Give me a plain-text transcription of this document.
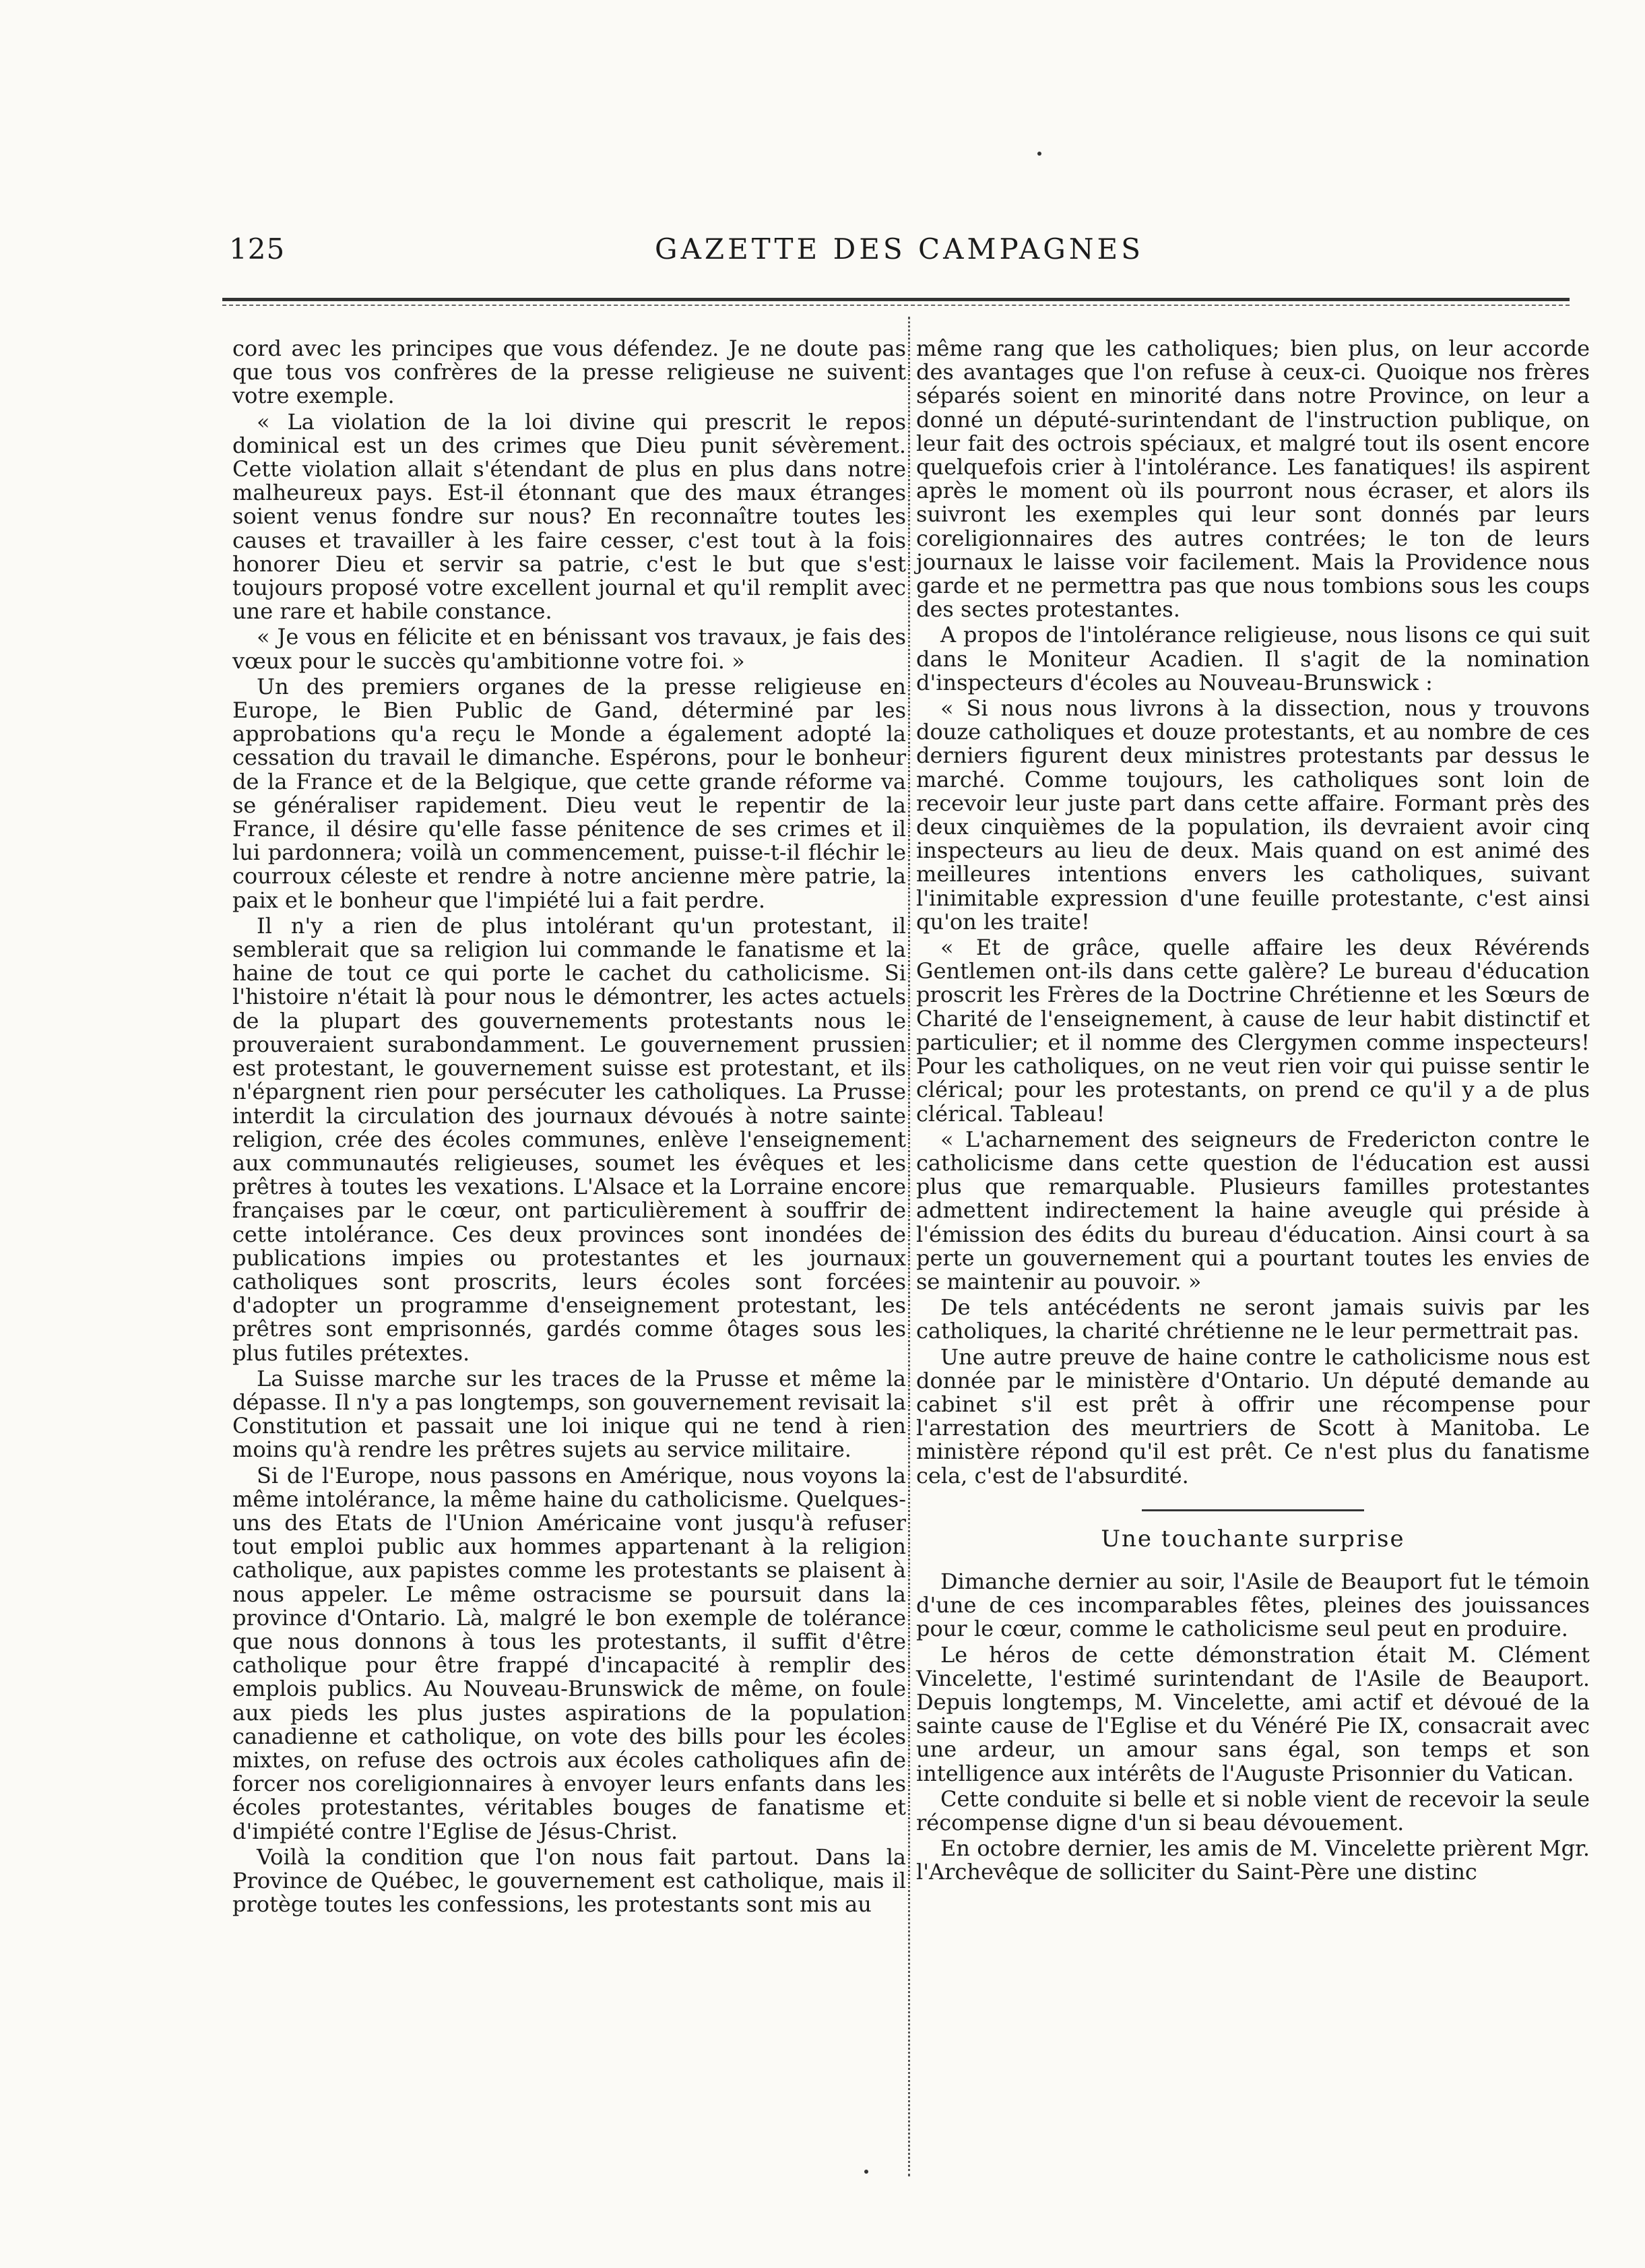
125	GAZETTE DES CAMPAGNES

cord avec les principes que vous défendez. Je ne doute pas que tous vos confrères de la presse religieuse ne suivent votre exemple.

« La violation de la loi divine qui prescrit le repos dominical est un des crimes que Dieu punit sévèrement. Cette violation allait s'étendant de plus en plus dans notre malheureux pays. Est-il étonnant que des maux étranges soient venus fondre sur nous? En reconnaître toutes les causes et travailler à les faire cesser, c'est tout à la fois honorer Dieu et servir sa patrie, c'est le but que s'est toujours proposé votre excellent journal et qu'il remplit avec une rare et habile constance.

« Je vous en félicite et en bénissant vos travaux, je fais des vœux pour le succès qu'ambitionne votre foi. »

Un des premiers organes de la presse religieuse en Europe, le Bien Public de Gand, déterminé par les approbations qu'a reçu le Monde a également adopté la cessation du travail le dimanche. Espérons, pour le bonheur de la France et de la Belgique, que cette grande réforme va se généraliser rapidement. Dieu veut le repentir de la France, il désire qu'elle fasse pénitence de ses crimes et il lui pardonnera; voilà un commencement, puisse-t-il fléchir le courroux céleste et rendre à notre ancienne mère patrie, la paix et le bonheur que l'impiété lui a fait perdre.

Il n'y a rien de plus intolérant qu'un protestant, il semblerait que sa religion lui commande le fanatisme et la haine de tout ce qui porte le cachet du catholicisme. Si l'histoire n'était là pour nous le démontrer, les actes actuels de la plupart des gouvernements protestants nous le prouveraient surabondamment. Le gouvernement prussien est protestant, le gouvernement suisse est protestant, et ils n'épargnent rien pour persécuter les catholiques. La Prusse interdit la circulation des journaux dévoués à notre sainte religion, crée des écoles communes, enlève l'enseignement aux communautés religieuses, soumet les évêques et les prêtres à toutes les vexations. L'Alsace et la Lorraine encore françaises par le cœur, ont particulièrement à souffrir de cette intolérance. Ces deux provinces sont inondées de publications impies ou protestantes et les journaux catholiques sont proscrits, leurs écoles sont forcées d'adopter un programme d'enseignement protestant, les prêtres sont emprisonnés, gardés comme ôtages sous les plus futiles prétextes.

La Suisse marche sur les traces de la Prusse et même la dépasse. Il n'y a pas longtemps, son gouvernement revisait la Constitution et passait une loi inique qui ne tend à rien moins qu'à rendre les prêtres sujets au service militaire.

Si de l'Europe, nous passons en Amérique, nous voyons la même intolérance, la même haine du catholicisme. Quelques-uns des Etats de l'Union Américaine vont jusqu'à refuser tout emploi public aux hommes appartenant à la religion catholique, aux papistes comme les protestants se plaisent à nous appeler. Le même ostracisme se poursuit dans la province d'Ontario. Là, malgré le bon exemple de tolérance que nous donnons à tous les protestants, il suffit d'être catholique pour être frappé d'incapacité à remplir des emplois publics. Au Nouveau-Brunswick de même, on foule aux pieds les plus justes aspirations de la population canadienne et catholique, on vote des bills pour les écoles mixtes, on refuse des octrois aux écoles catholiques afin de forcer nos coreligionnaires à envoyer leurs enfants dans les écoles protestantes, véritables bouges de fanatisme et d'impiété contre l'Eglise de Jésus-Christ.

Voilà la condition que l'on nous fait partout. Dans la Province de Québec, le gouvernement est catholique, mais il protège toutes les confessions, les protestants sont mis au

même rang que les catholiques; bien plus, on leur accorde des avantages que l'on refuse à ceux-ci. Quoique nos frères séparés soient en minorité dans notre Province, on leur a donné un député-surintendant de l'instruction publique, on leur fait des octrois spéciaux, et malgré tout ils osent encore quelquefois crier à l'intolérance. Les fanatiques! ils aspirent après le moment où ils pourront nous écraser, et alors ils suivront les exemples qui leur sont donnés par leurs coreligionnaires des autres contrées; le ton de leurs journaux le laisse voir facilement. Mais la Providence nous garde et ne permettra pas que nous tombions sous les coups des sectes protestantes.

A propos de l'intolérance religieuse, nous lisons ce qui suit dans le Moniteur Acadien. Il s'agit de la nomination d'inspecteurs d'écoles au Nouveau-Brunswick :

« Si nous nous livrons à la dissection, nous y trouvons douze catholiques et douze protestants, et au nombre de ces derniers figurent deux ministres protestants par dessus le marché. Comme toujours, les catholiques sont loin de recevoir leur juste part dans cette affaire. Formant près des deux cinquièmes de la population, ils devraient avoir cinq inspecteurs au lieu de deux. Mais quand on est animé des meilleures intentions envers les catholiques, suivant l'inimitable expression d'une feuille protestante, c'est ainsi qu'on les traite!

« Et de grâce, quelle affaire les deux Révérends Gentlemen ont-ils dans cette galère? Le bureau d'éducation proscrit les Frères de la Doctrine Chrétienne et les Sœurs de Charité de l'enseignement, à cause de leur habit distinctif et particulier; et il nomme des Clergymen comme inspecteurs! Pour les catholiques, on ne veut rien voir qui puisse sentir le clérical; pour les protestants, on prend ce qu'il y a de plus clérical. Tableau!

« L'acharnement des seigneurs de Fredericton contre le catholicisme dans cette question de l'éducation est aussi plus que remarquable. Plusieurs familles protestantes admettent indirectement la haine aveugle qui préside à l'émission des édits du bureau d'éducation. Ainsi court à sa perte un gouvernement qui a pourtant toutes les envies de se maintenir au pouvoir. »

De tels antécédents ne seront jamais suivis par les catholiques, la charité chrétienne ne le leur permettrait pas.

Une autre preuve de haine contre le catholicisme nous est donnée par le ministère d'Ontario. Un député demande au cabinet s'il est prêt à offrir une récompense pour l'arrestation des meurtriers de Scott à Manitoba. Le ministère répond qu'il est prêt. Ce n'est plus du fanatisme cela, c'est de l'absurdité.

Une touchante surprise

Dimanche dernier au soir, l'Asile de Beauport fut le témoin d'une de ces incomparables fêtes, pleines des jouissances pour le cœur, comme le catholicisme seul peut en produire.

Le héros de cette démonstration était M. Clément Vincelette, l'estimé surintendant de l'Asile de Beauport. Depuis longtemps, M. Vincelette, ami actif et dévoué de la sainte cause de l'Eglise et du Vénéré Pie IX, consacrait avec une ardeur, un amour sans égal, son temps et son intelligence aux intérêts de l'Auguste Prisonnier du Vatican.

Cette conduite si belle et si noble vient de recevoir la seule récompense digne d'un si beau dévouement.

En octobre dernier, les amis de M. Vincelette prièrent Mgr. l'Archevêque de solliciter du Saint-Père une distinc
